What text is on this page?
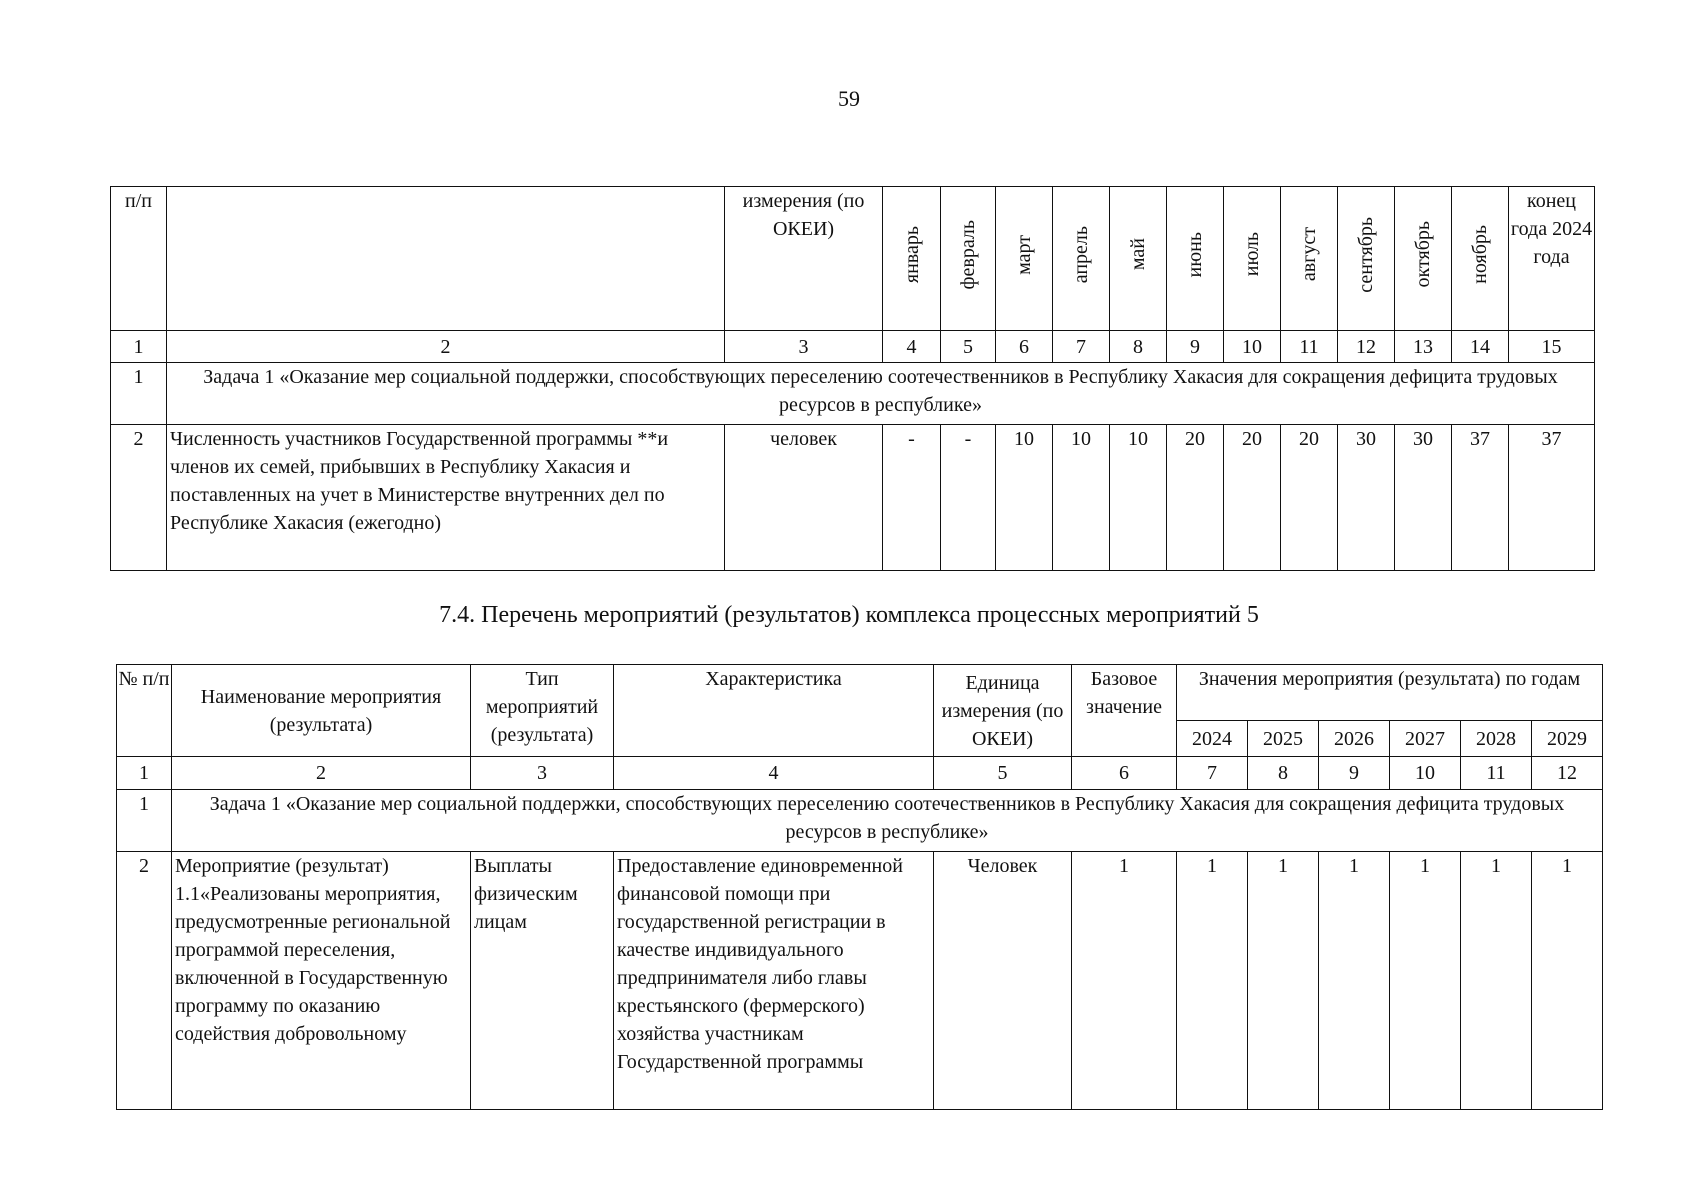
59
п/п		измерения (по ОКЕИ)	январь	февраль	март	апрель	май	июнь	июль	август	сентябрь	октябрь	ноябрь	конец года 2024 года
1	2	3	4	5	6	7	8	9	10	11	12	13	14	15
1	Задача 1 «Оказание мер социальной поддержки, способствующих переселению соотечественников в Республику Хакасия для сокращения дефицита трудовых ресурсов в республике»													
2	Численность участников Государственной программы **и членов их семей, прибывших в Республику Хакасия и поставленных на учет в Министерстве внутренних дел по Республике Хакасия (ежегодно)	человек	-	-	10	10	10	20	20	20	30	30	37	37
7.4. Перечень мероприятий (результатов) комплекса процессных мероприятий 5
№ п/п	Наименование мероприятия (результата)	Тип мероприятий (результата)	Характеристика	Единица измерения (по ОКЕИ)	Базовое значение	Значения мероприятия (результата) по годам					
						2024	2025	2026	2027	2028	2029
1	2	3	4	5	6	7	8	9	10	11	12
1	Задача 1 «Оказание мер социальной поддержки, способствующих переселению соотечественников в Республику Хакасия для сокращения дефицита трудовых ресурсов в республике»										
2	Мероприятие (результат) 1.1«Реализованы мероприятия, предусмотренные региональной программой переселения, включенной в Государственную программу по оказанию содействия добровольному	Выплаты физическим лицам	Предоставление единовременной финансовой помощи при государственной регистрации в качестве индивидуального предпринимателя либо главы крестьянского (фермерского) хозяйства участникам Государственной программы	Человек	1	1	1	1	1	1	1
